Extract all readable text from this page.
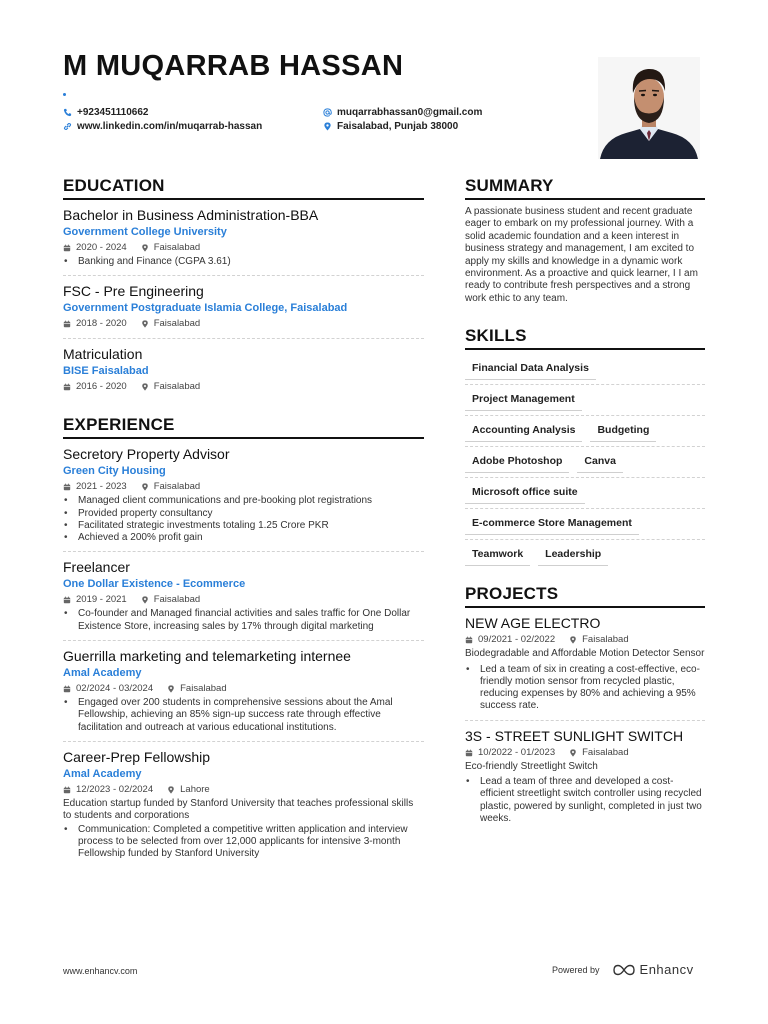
M MUQARRAB HASSAN
+923451110662
www.linkedin.com/in/muqarrab-hassan
muqarrabhassan0@gmail.com
Faisalabad, Punjab 38000
EDUCATION
Bachelor in Business Administration-BBA
Government College University
2020 - 2024	Faisalabad
• Banking and Finance (CGPA 3.61)
FSC - Pre Engineering
Government Postgraduate Islamia College, Faisalabad
2018 - 2020	Faisalabad
Matriculation
BISE Faisalabad
2016 - 2020	Faisalabad
EXPERIENCE
Secretory Property Advisor
Green City Housing
2021 - 2023	Faisalabad
• Managed client communications and pre-booking plot registrations
• Provided property consultancy
• Facilitated strategic investments totaling 1.25 Crore PKR
• Achieved a 200% profit gain
Freelancer
One Dollar Existence - Ecommerce
2019 - 2021	Faisalabad
• Co-founder and Managed financial activities and sales traffic for One Dollar Existence Store, increasing sales by 17% through digital marketing
Guerrilla marketing and telemarketing internee
Amal Academy
02/2024 - 03/2024	Faisalabad
• Engaged over 200 students in comprehensive sessions about the Amal Fellowship, achieving an 85% sign-up success rate through effective facilitation and outreach at various educational institutions.
Career-Prep Fellowship
Amal Academy
12/2023 - 02/2024	Lahore
Education startup funded by Stanford University that teaches professional skills to students and corporations
• Communication: Completed a competitive written application and interview process to be selected from over 12,000 applicants for intensive 3-month Fellowship funded by Stanford University
SUMMARY
A passionate business student and recent graduate eager to embark on my professional journey. With a solid academic foundation and a keen interest in business strategy and management, I am excited to apply my skills and knowledge in a dynamic work environment. As a proactive and quick learner, I I am ready to contribute fresh perspectives and a strong work ethic to any team.
SKILLS
Financial Data Analysis
Project Management
Accounting Analysis	Budgeting
Adobe Photoshop	Canva
Microsoft office suite
E-commerce Store Management
Teamwork	Leadership
PROJECTS
NEW AGE ELECTRO
09/2021 - 02/2022	Faisalabad
Biodegradable and Affordable Motion Detector Sensor
• Led a team of six in creating a cost-effective, eco-friendly motion sensor from recycled plastic, reducing expenses by 80% and achieving a 95% success rate.
3S - STREET SUNLIGHT SWITCH
10/2022 - 01/2023	Faisalabad
Eco-friendly Streetlight Switch
• Lead a team of three and developed a cost-efficient streetlight switch controller using recycled plastic, powered by sunlight, completed in just two weeks.
www.enhancv.com	Powered by	Enhancv
